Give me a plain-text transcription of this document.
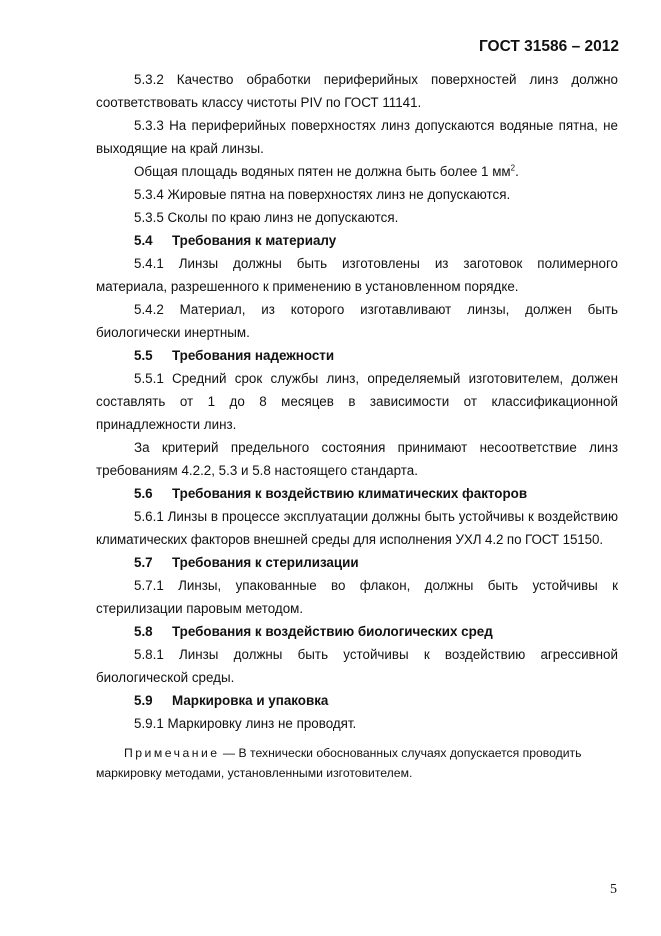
ГОСТ 31586 – 2012

5.3.2 Качество обработки периферийных поверхностей линз должно

соответствовать классу чистоты PIV по ГОСТ 11141.

5.3.3 На периферийных поверхностях линз допускаются водяные пятна, не

выходящие на край линзы.

Общая площадь водяных пятен не должна быть более 1 $мм^2$.

5.3.4 Жировые пятна на поверхностях линз не допускаются.

5.3.5 Сколы по краю линз не допускаются.

5.4 Требования к материалу

5.4.1 Линзы должны быть изготовлены из заготовок полимерного

материала, разрешенного к применению в установленном порядке.

5.4.2 Материал, из которого изготавливают линзы, должен быть

биологически инертным.

5.5 Требования надежности

5.5.1 Средний срок службы линз, определяемый изготовителем, должен

составлять от 1 до 8 месяцев в зависимости от классификационной

принадлежности линз.

За критерий предельного состояния принимают несоответствие линз

требованиям 4.2.2, 5.3 и 5.8 настоящего стандарта.

5.6 Требования к воздействию климатических факторов

5.6.1 Линзы в процессе эксплуатации должны быть устойчивы к воздействию

климатических факторов внешней среды для исполнения УХЛ 4.2 по ГОСТ 15150.

5.7 Требования к стерилизации

5.7.1 Линзы, упакованные во флакон, должны быть устойчивы к

стерилизации паровым методом.

5.8 Требования к воздействию биологических сред

5.8.1 Линзы должны быть устойчивы к воздействию агрессивной

биологической среды.

5.9 Маркировка и упаковка

5.9.1 Маркировку линз не проводят.

Примечание — В технически обоснованных случаях допускается проводить
маркировку методами, установленными изготовителем.
5
